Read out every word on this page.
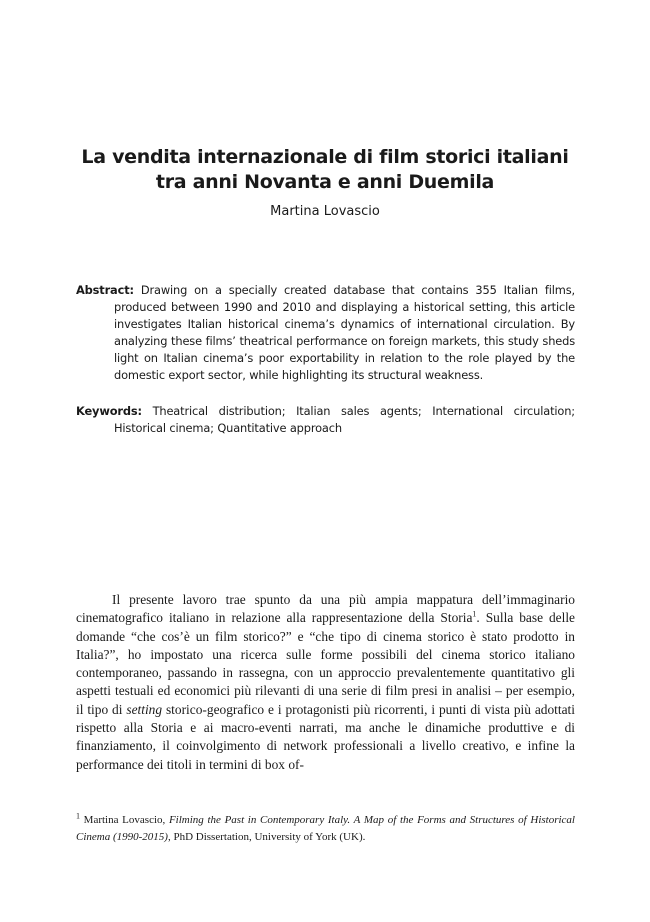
La vendita internazionale di film storici italiani
tra anni Novanta e anni Duemila
Martina Lovascio
Abstract: Drawing on a specially created database that contains 355 Italian films, produced between 1990 and 2010 and displaying a historical setting, this article investigates Italian historical cinema’s dynamics of international circulation. By analyzing these films’ theatrical performance on foreign markets, this study sheds light on Italian cinema’s poor exportability in relation to the role played by the domestic export sector, while highlighting its structural weakness.
Keywords: Theatrical distribution; Italian sales agents; International circulation; Historical cinema; Quantitative approach

Il presente lavoro trae spunto da una più ampia mappatura dell’immaginario cinematografico italiano in relazione alla rappresentazione della Storia$^1$. Sulla base delle domande “che cos’è un film storico?” e “che tipo di cinema storico è stato prodotto in Italia?”, ho impostato una ricerca sulle forme possibili del cinema storico italiano contemporaneo, passando in rassegna, con un approccio prevalentemente quantitativo gli aspetti testuali ed economici più rilevanti di una serie di film presi in analisi – per esempio, il tipo di setting storico-geografico e i protagonisti più ricorrenti, i punti di vista più adottati rispetto alla Storia e ai macro-eventi narrati, ma anche le dinamiche produttive e di finanziamento, il coinvolgimento di network professionali a livello creativo, e infine la performance dei titoli in termini di box of-

$^1$ Martina Lovascio, Filming the Past in Contemporary Italy. A Map of the Forms and Structures of Historical Cinema (1990-2015), PhD Dissertation, University of York (UK).
